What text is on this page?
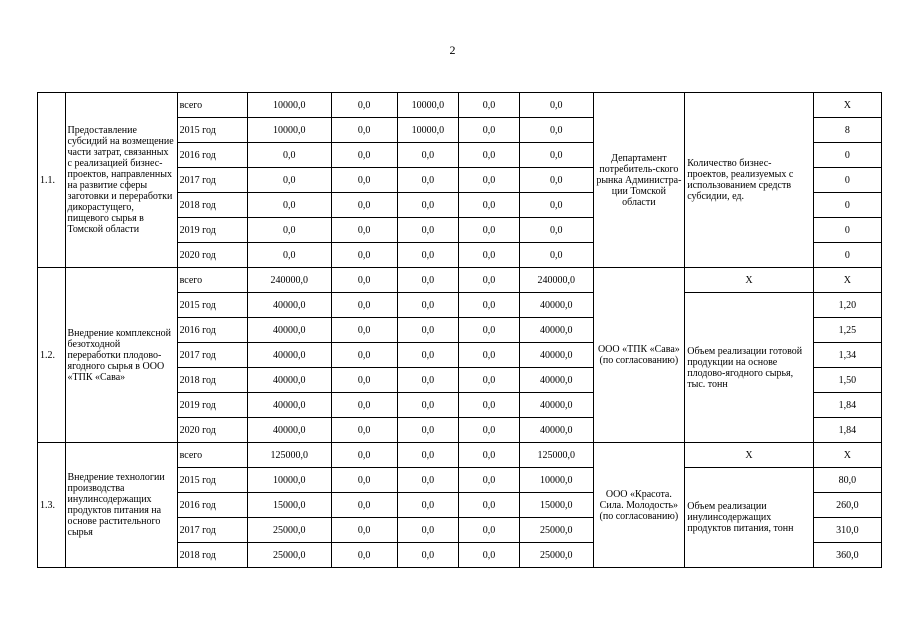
2
1.1.	Предоставление субсидий на возмещение части затрат, связанных с реализацией бизнес-проектов, направленных на развитие сферы заготовки и переработки дикорастущего, пищевого сырья в Томской области	всего	10000,0	0,0	10000,0	0,0	0,0	Департамент потребитель-ского рынка Администра-ции Томской области	Количество бизнес-проектов, реализуемых с использованием средств субсидии, ед.	Х
		2015 год	10000,0	0,0	10000,0	0,0	0,0			8
		2016 год	0,0	0,0	0,0	0,0	0,0			0
		2017 год	0,0	0,0	0,0	0,0	0,0			0
		2018 год	0,0	0,0	0,0	0,0	0,0			0
		2019 год	0,0	0,0	0,0	0,0	0,0			0
		2020 год	0,0	0,0	0,0	0,0	0,0			0
1.2.	Внедрение комплексной безотходной переработки плодово-ягодного сырья в ООО «ТПК «Сава»	всего	240000,0	0,0	0,0	0,0	240000,0	ООО «ТПК «Сава» (по согласованию)	Х	Х
		2015 год	40000,0	0,0	0,0	0,0	40000,0		Объем реализации готовой продукции на основе плодово-ягодного сырья, тыс. тонн	1,20
		2016 год	40000,0	0,0	0,0	0,0	40000,0			1,25
		2017 год	40000,0	0,0	0,0	0,0	40000,0			1,34
		2018 год	40000,0	0,0	0,0	0,0	40000,0			1,50
		2019 год	40000,0	0,0	0,0	0,0	40000,0			1,84
		2020 год	40000,0	0,0	0,0	0,0	40000,0			1,84
1.3.	Внедрение технологии производства инулинсодержащих продуктов питания на основе растительного сырья	всего	125000,0	0,0	0,0	0,0	125000,0	ООО «Красота. Сила. Молодость» (по согласованию)	Х	Х
		2015 год	10000,0	0,0	0,0	0,0	10000,0		Объем реализации инулинсодержащих продуктов питания, тонн	80,0
		2016 год	15000,0	0,0	0,0	0,0	15000,0			260,0
		2017 год	25000,0	0,0	0,0	0,0	25000,0			310,0
		2018 год	25000,0	0,0	0,0	0,0	25000,0			360,0
